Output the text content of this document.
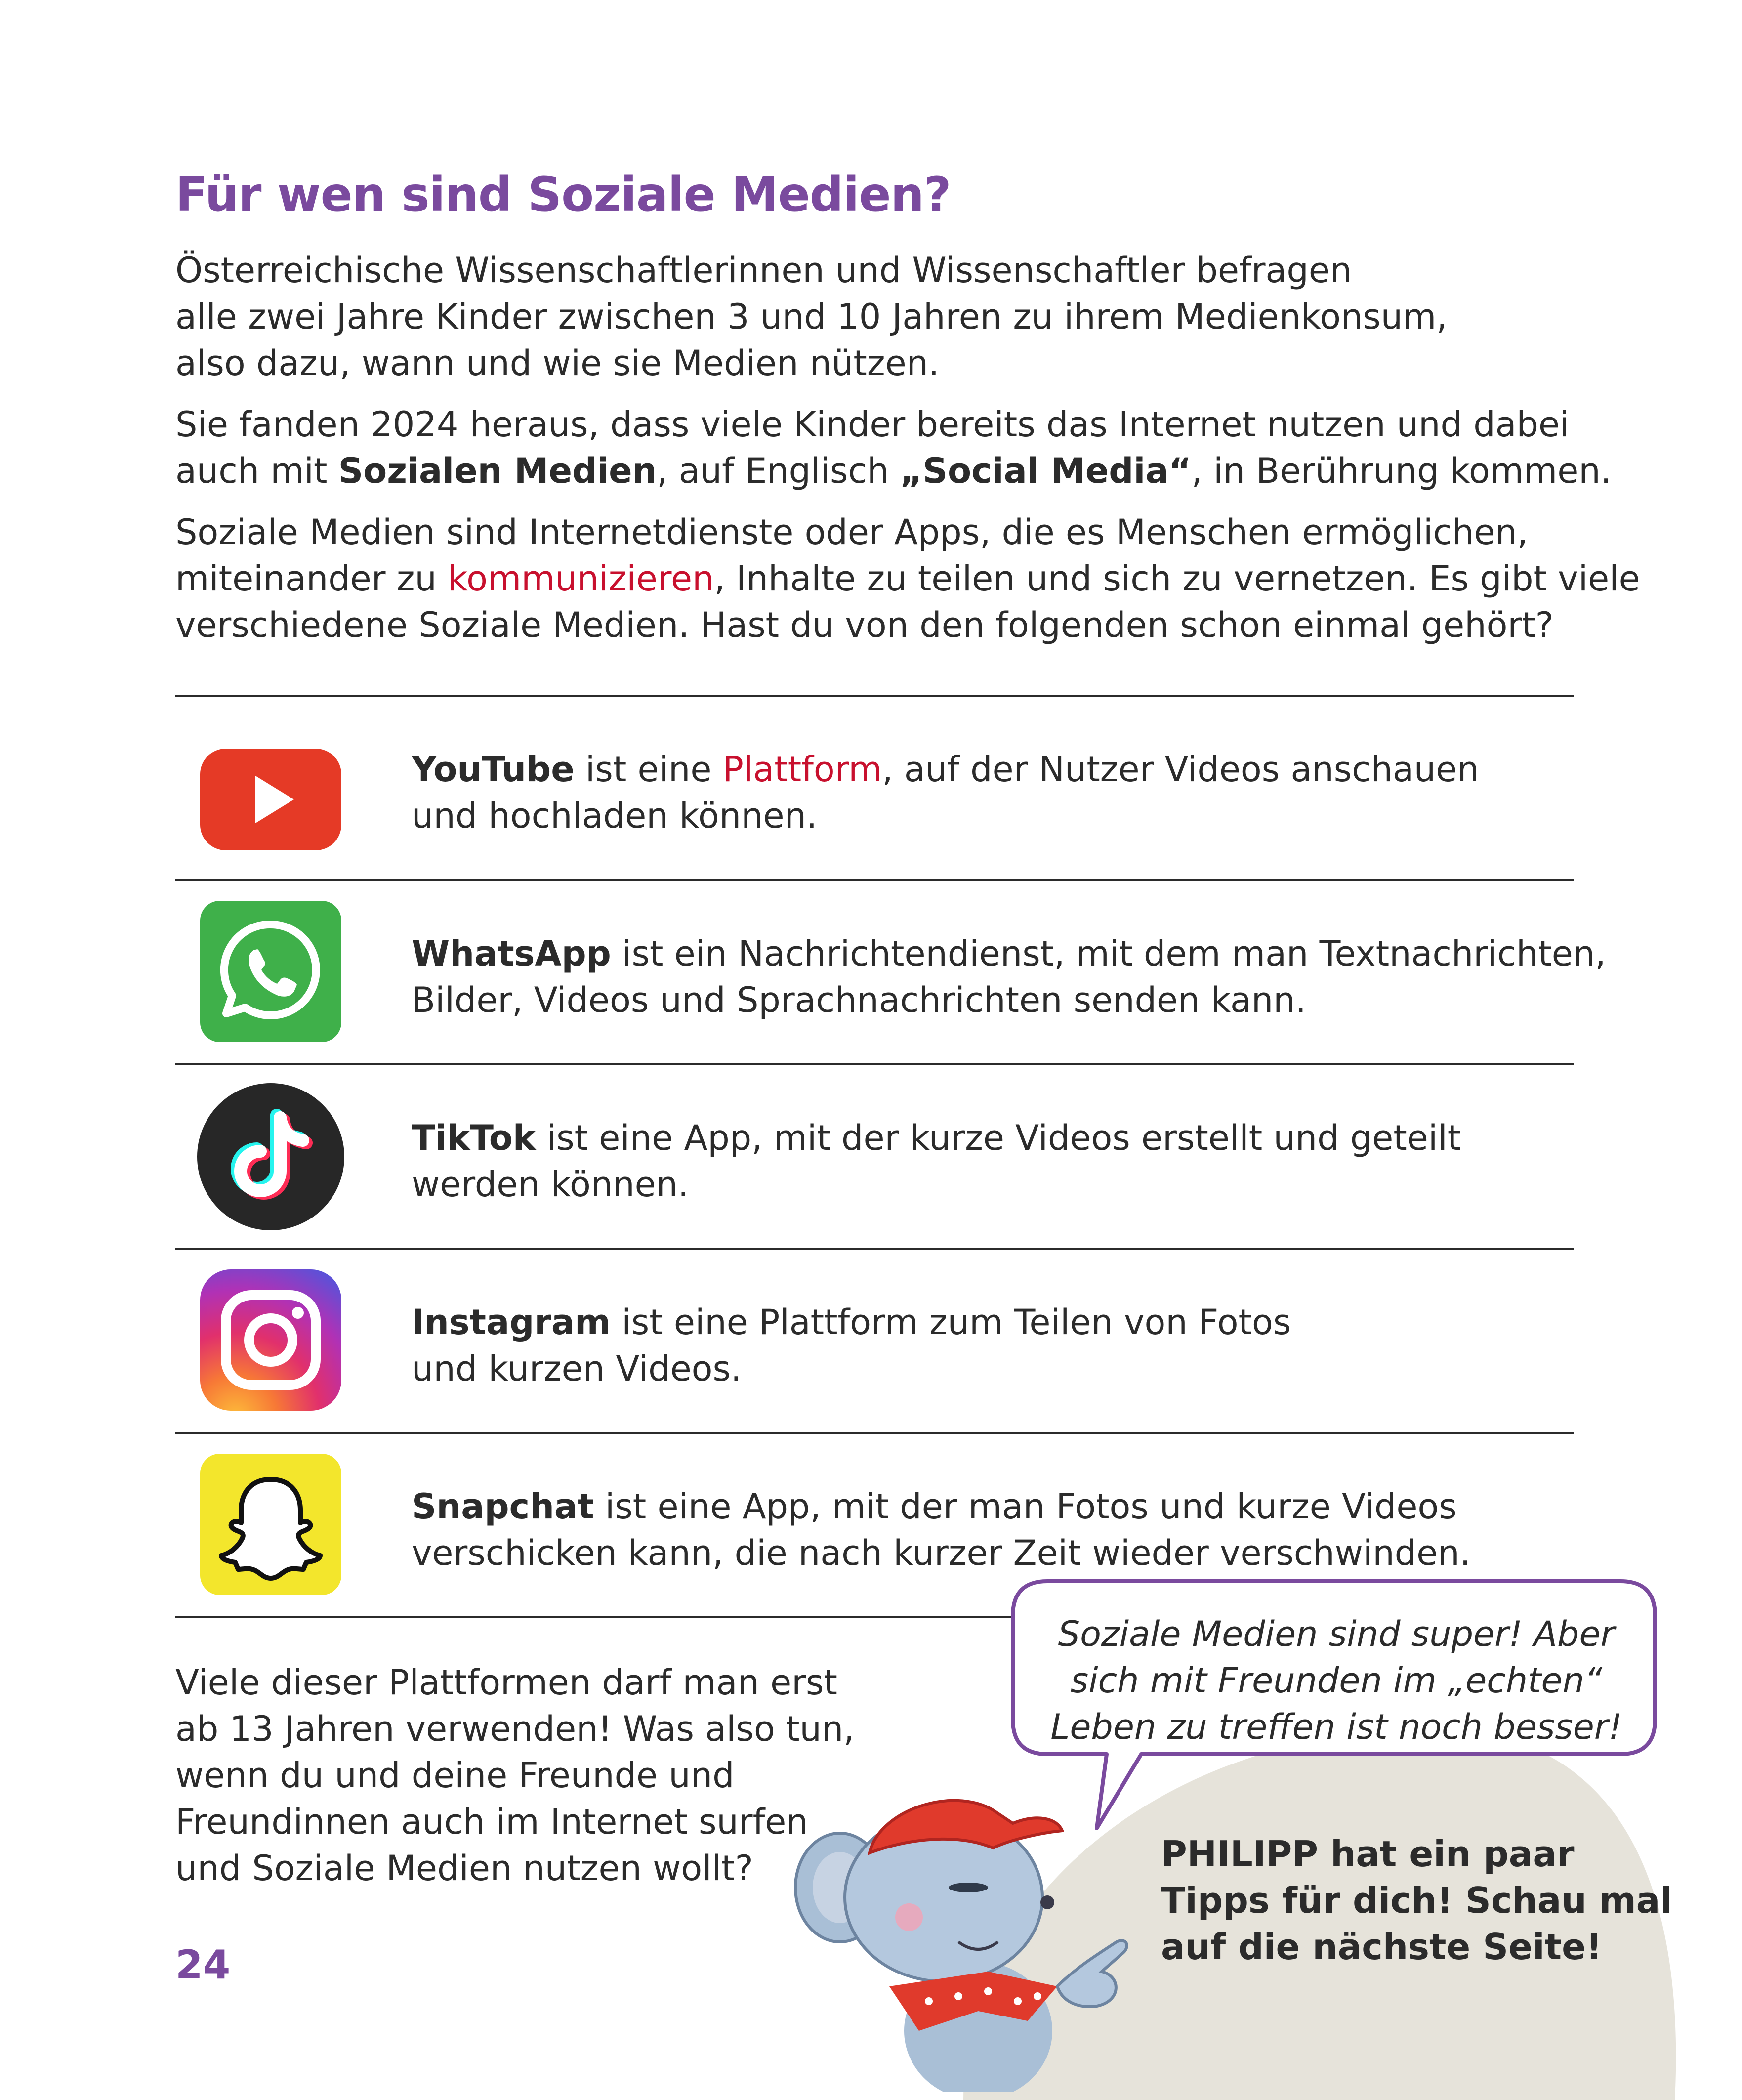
Für wen sind Soziale Medien?

Österreichische Wissenschaftlerinnen und Wissenschaftler befragen
alle zwei Jahre Kinder zwischen 3 und 10 Jahren zu ihrem Medienkonsum,
also dazu, wann und wie sie Medien nützen.

Sie fanden 2024 heraus, dass viele Kinder bereits das Internet nutzen und dabei
auch mit Sozialen Medien, auf Englisch „Social Media“, in Berührung kommen.

Soziale Medien sind Internetdienste oder Apps, die es Menschen ermöglichen,
miteinander zu kommunizieren, Inhalte zu teilen und sich zu vernetzen. Es gibt viele
verschiedene Soziale Medien. Hast du von den folgenden schon einmal gehört?

YouTube ist eine Plattform, auf der Nutzer Videos anschauen
und hochladen können.

WhatsApp ist ein Nachrichtendienst, mit dem man Textnachrichten,
Bilder, Videos und Sprachnachrichten senden kann.

TikTok ist eine App, mit der kurze Videos erstellt und geteilt
werden können.

Instagram ist eine Plattform zum Teilen von Fotos
und kurzen Videos.

Snapchat ist eine App, mit der man Fotos und kurze Videos
verschicken kann, die nach kurzer Zeit wieder verschwinden.

Viele dieser Plattformen darf man erst
ab 13 Jahren verwenden! Was also tun,
wenn du und deine Freunde und
Freundinnen auch im Internet surfen
und Soziale Medien nutzen wollt?

24

Soziale Medien sind super! Aber
sich mit Freunden im „echten“
Leben zu treffen ist noch besser!

PHILIPP hat ein paar
Tipps für dich! Schau mal
auf die nächste Seite!
